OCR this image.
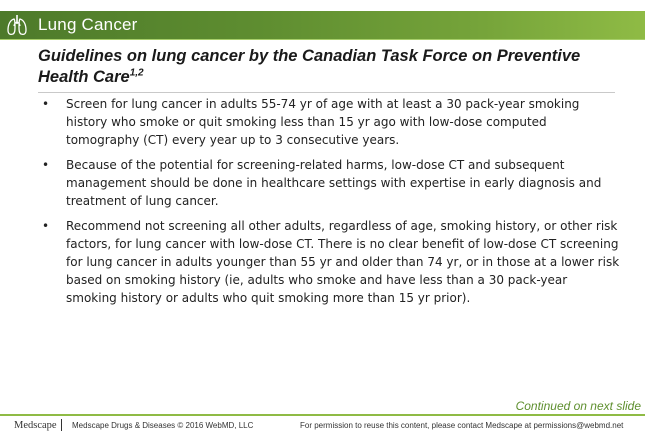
Lung Cancer
Guidelines on lung cancer by the Canadian Task Force on Preventive Health Care$^{1,2}$
• Screen for lung cancer in adults 55-74 yr of age with at least a 30 pack-year smoking history who smoke or quit smoking less than 15 yr ago with low-dose computed tomography (CT) every year up to 3 consecutive years.
• Because of the potential for screening-related harms, low-dose CT and subsequent management should be done in healthcare settings with expertise in early diagnosis and treatment of lung cancer.
• Recommend not screening all other adults, regardless of age, smoking history, or other risk factors, for lung cancer with low-dose CT. There is no clear benefit of low-dose CT screening for lung cancer in adults younger than 55 yr and older than 74 yr, or in those at a lower risk based on smoking history (ie, adults who smoke and have less than a 30 pack-year smoking history or adults who quit smoking more than 15 yr prior).
Continued on next slide
Medscape Medscape Drugs & Diseases © 2016 WebMD, LLC	For permission to reuse this content, please contact Medscape at permissions@webmd.net
